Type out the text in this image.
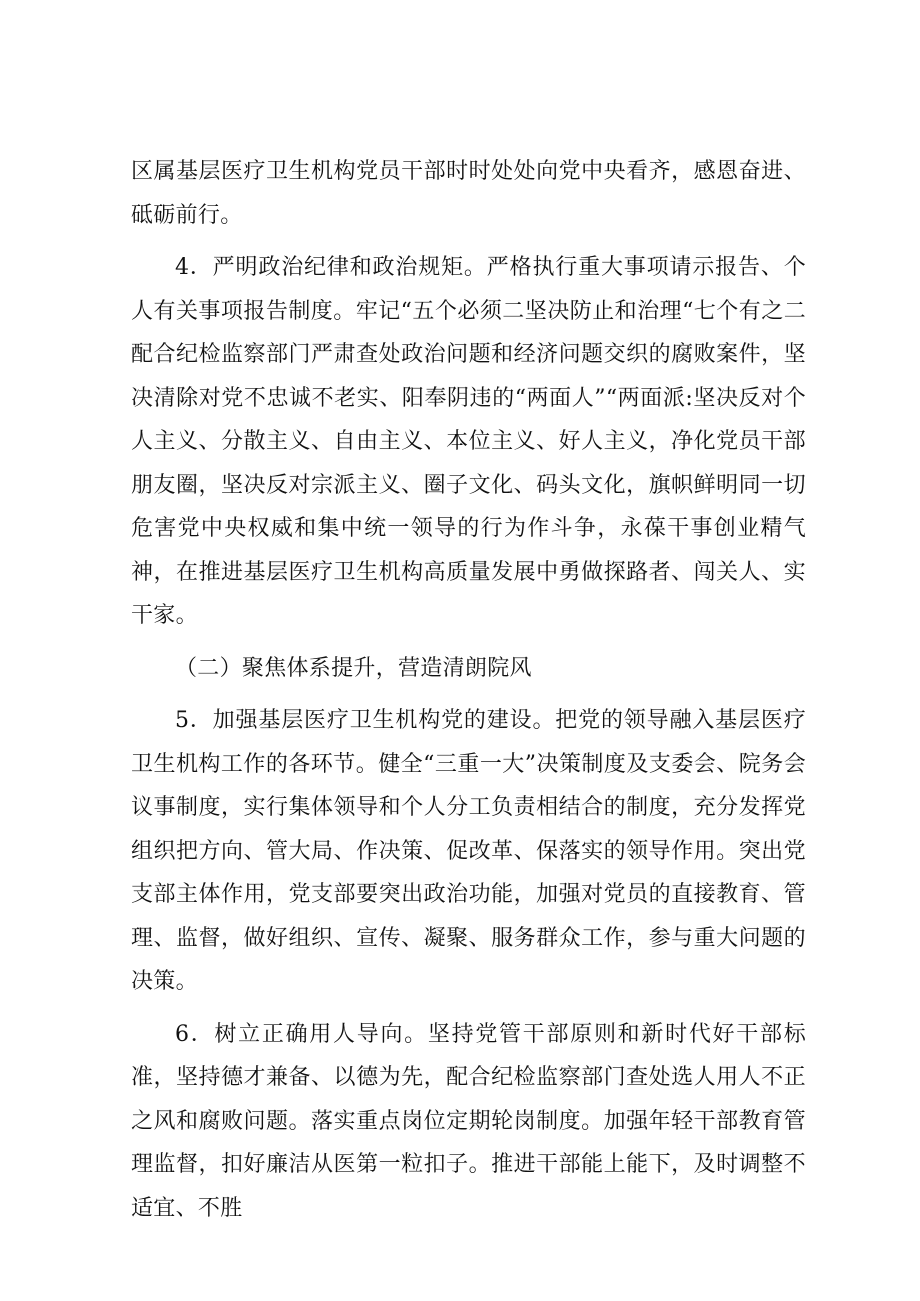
区属基层医疗卫生机构党员干部时时处处向党中央看齐，感恩奋进、砥砺前行。

4．严明政治纪律和政治规矩。严格执行重大事项请示报告、个人有关事项报告制度。牢记“五个必须二坚决防止和治理“七个有之二配合纪检监察部门严肃查处政治问题和经济问题交织的腐败案件，坚决清除对党不忠诚不老实、阳奉阴违的“两面人”“两面派:坚决反对个人主义、分散主义、自由主义、本位主义、好人主义，净化党员干部朋友圈，坚决反对宗派主义、圈子文化、码头文化，旗帜鲜明同一切危害党中央权威和集中统一领导的行为作斗争，永葆干事创业精气神，在推进基层医疗卫生机构高质量发展中勇做探路者、闯关人、实干家。

（二）聚焦体系提升，营造清朗院风

5．加强基层医疗卫生机构党的建设。把党的领导融入基层医疗卫生机构工作的各环节。健全“三重一大”决策制度及支委会、院务会议事制度，实行集体领导和个人分工负责相结合的制度，充分发挥党组织把方向、管大局、作决策、促改革、保落实的领导作用。突出党支部主体作用，党支部要突出政治功能，加强对党员的直接教育、管理、监督，做好组织、宣传、凝聚、服务群众工作，参与重大问题的决策。

6．树立正确用人导向。坚持党管干部原则和新时代好干部标准，坚持德才兼备、以德为先，配合纪检监察部门查处选人用人不正之风和腐败问题。落实重点岗位定期轮岗制度。加强年轻干部教育管理监督，扣好廉洁从医第一粒扣子。推进干部能上能下，及时调整不适宜、不胜
